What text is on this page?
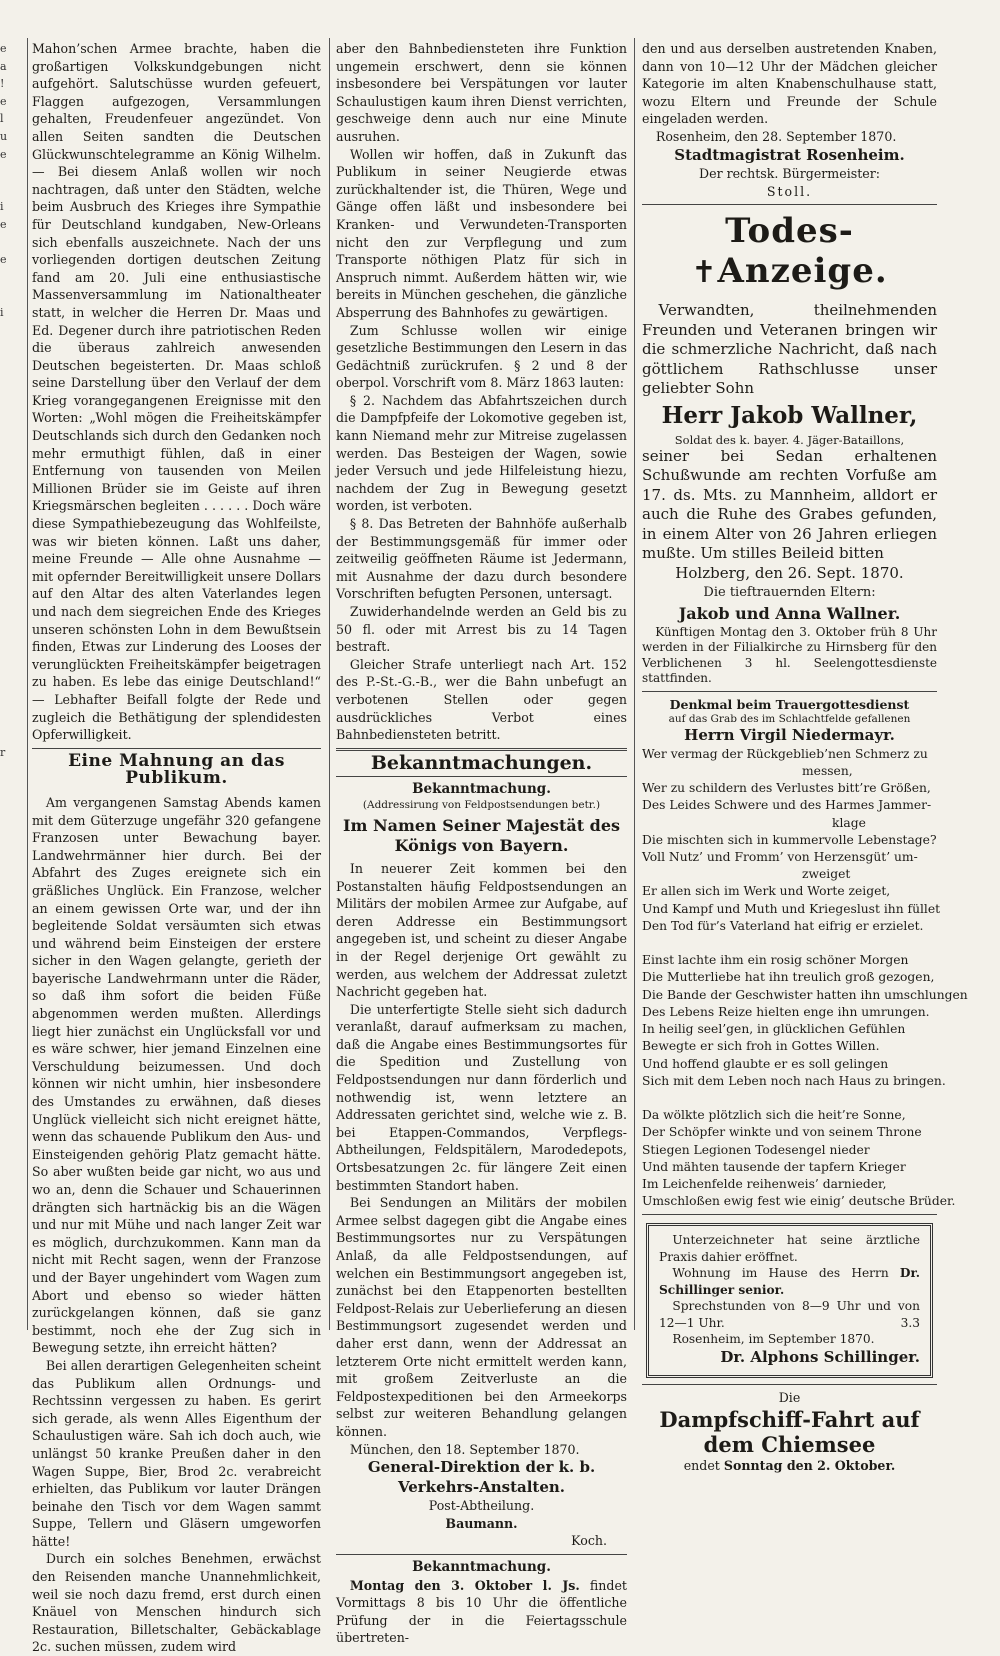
e
a
!
e
l
u
e
i
e
e
i
r

Mahon’schen Armee brachte, haben die großartigen Volkskundgebungen nicht aufgehört. Salutschüsse wurden gefeuert, Flaggen aufgezogen, Versammlungen gehalten, Freudenfeuer angezündet. Von allen Seiten sandten die Deutschen Glückwunschtelegramme an König Wilhelm. — Bei diesem Anlaß wollen wir noch nachtragen, daß unter den Städten, welche beim Ausbruch des Krieges ihre Sympathie für Deutschland kundgaben, New-Orleans sich ebenfalls auszeichnete. Nach der uns vorliegenden dortigen deutschen Zeitung fand am 20. Juli eine enthusiastische Massenversammlung im Nationaltheater statt, in welcher die Herren Dr. Maas und Ed. Degener durch ihre patriotischen Reden die überaus zahlreich anwesenden Deutschen begeisterten. Dr. Maas schloß seine Darstellung über den Verlauf der dem Krieg vorangegangenen Ereignisse mit den Worten: „Wohl mögen die Freiheitskämpfer Deutschlands sich durch den Gedanken noch mehr ermuthigt fühlen, daß in einer Entfernung von tausenden von Meilen Millionen Brüder sie im Geiste auf ihren Kriegsmärschen begleiten . . . . . . Doch wäre diese Sympathiebezeugung das Wohlfeilste, was wir bieten können. Laßt uns daher, meine Freunde — Alle ohne Ausnahme — mit opfernder Bereitwilligkeit unsere Dollars auf den Altar des alten Vaterlandes legen und nach dem siegreichen Ende des Krieges unseren schönsten Lohn in dem Bewußtsein finden, Etwas zur Linderung des Looses der verunglückten Freiheitskämpfer beigetragen zu haben. Es lebe das einige Deutschland!“ — Lebhafter Beifall folgte der Rede und zugleich die Bethätigung der splendidesten Opferwilligkeit.

Eine Mahnung an das Publikum.

Am vergangenen Samstag Abends kamen mit dem Güterzuge ungefähr 320 gefangene Franzosen unter Bewachung bayer. Landwehrmänner hier durch. Bei der Abfahrt des Zuges ereignete sich ein gräßliches Unglück. Ein Franzose, welcher an einem gewissen Orte war, und der ihn begleitende Soldat versäumten sich etwas und während beim Einsteigen der erstere sicher in den Wagen gelangte, gerieth der bayerische Landwehrmann unter die Räder, so daß ihm sofort die beiden Füße abgenommen werden mußten. Allerdings liegt hier zunächst ein Unglücksfall vor und es wäre schwer, hier jemand Einzelnen eine Verschuldung beizumessen. Und doch können wir nicht umhin, hier insbesondere des Umstandes zu erwähnen, daß dieses Unglück vielleicht sich nicht ereignet hätte, wenn das schauende Publikum den Aus- und Einsteigenden gehörig Platz gemacht hätte. So aber wußten beide gar nicht, wo aus und wo an, denn die Schauer und Schauerinnen drängten sich hartnäckig bis an die Wägen und nur mit Mühe und nach langer Zeit war es möglich, durchzukommen. Kann man da nicht mit Recht sagen, wenn der Franzose und der Bayer ungehindert vom Wagen zum Abort und ebenso so wieder hätten zurückgelangen können, daß sie ganz bestimmt, noch ehe der Zug sich in Bewegung setzte, ihn erreicht hätten?

Bei allen derartigen Gelegenheiten scheint das Publikum allen Ordnungs- und Rechtssinn vergessen zu haben. Es gerirt sich gerade, als wenn Alles Eigenthum der Schaulustigen wäre. Sah ich doch auch, wie unlängst 50 kranke Preußen daher in den Wagen Suppe, Bier, Brod 2c. verabreicht erhielten, das Publikum vor lauter Drängen beinahe den Tisch vor dem Wagen sammt Suppe, Tellern und Gläsern umgeworfen hätte!

Durch ein solches Benehmen, erwächst den Reisenden manche Unannehmlichkeit, weil sie noch dazu fremd, erst durch einen Knäuel von Menschen hindurch sich Restauration, Billetschalter, Gebäckablage 2c. suchen müssen, zudem wird

aber den Bahnbediensteten ihre Funktion ungemein erschwert, denn sie können insbesondere bei Verspätungen vor lauter Schaulustigen kaum ihren Dienst verrichten, geschweige denn auch nur eine Minute ausruhen.

Wollen wir hoffen, daß in Zukunft das Publikum in seiner Neugierde etwas zurückhaltender ist, die Thüren, Wege und Gänge offen läßt und insbesondere bei Kranken- und Verwundeten-Transporten nicht den zur Verpflegung und zum Transporte nöthigen Platz für sich in Anspruch nimmt. Außerdem hätten wir, wie bereits in München geschehen, die gänzliche Absperrung des Bahnhofes zu gewärtigen.

Zum Schlusse wollen wir einige gesetzliche Bestimmungen den Lesern in das Gedächtniß zurückrufen. § 2 und 8 der oberpol. Vorschrift vom 8. März 1863 lauten:

§ 2. Nachdem das Abfahrtszeichen durch die Dampfpfeife der Lokomotive gegeben ist, kann Niemand mehr zur Mitreise zugelassen werden. Das Besteigen der Wagen, sowie jeder Versuch und jede Hilfeleistung hiezu, nachdem der Zug in Bewegung gesetzt worden, ist verboten.

§ 8. Das Betreten der Bahnhöfe außerhalb der Bestimmungsgemäß für immer oder zeitweilig geöffneten Räume ist Jedermann, mit Ausnahme der dazu durch besondere Vorschriften befugten Personen, untersagt.

Zuwiderhandelnde werden an Geld bis zu 50 fl. oder mit Arrest bis zu 14 Tagen bestraft.

Gleicher Strafe unterliegt nach Art. 152 des P.-St.-G.-B., wer die Bahn unbefugt an verbotenen Stellen oder gegen ausdrückliches Verbot eines Bahnbediensteten betritt.

Bekanntmachungen.
Bekanntmachung.
(Addressirung von Feldpostsendungen betr.)
Im Namen Seiner Majestät des Königs von Bayern.

In neuerer Zeit kommen bei den Postanstalten häufig Feldpostsendungen an Militärs der mobilen Armee zur Aufgabe, auf deren Addresse ein Bestimmungsort angegeben ist, und scheint zu dieser Angabe in der Regel derjenige Ort gewählt zu werden, aus welchem der Addressat zuletzt Nachricht gegeben hat.

Die unterfertigte Stelle sieht sich dadurch veranlaßt, darauf aufmerksam zu machen, daß die Angabe eines Bestimmungsortes für die Spedition und Zustellung von Feldpostsendungen nur dann förderlich und nothwendig ist, wenn letztere an Addressaten gerichtet sind, welche wie z. B. bei Etappen-Commandos, Verpflegs-Abtheilungen, Feldspitälern, Marodedepots, Ortsbesatzungen 2c. für längere Zeit einen bestimmten Standort haben.

Bei Sendungen an Militärs der mobilen Armee selbst dagegen gibt die Angabe eines Bestimmungsortes nur zu Verspätungen Anlaß, da alle Feldpostsendungen, auf welchen ein Bestimmungsort angegeben ist, zunächst bei den Etappenorten bestellten Feldpost-Relais zur Ueberlieferung an diesen Bestimmungsort zugesendet werden und daher erst dann, wenn der Addressat an letzterem Orte nicht ermittelt werden kann, mit großem Zeitverluste an die Feldpostexpeditionen bei den Armeekorps selbst zur weiteren Behandlung gelangen können.

München, den 18. September 1870.

General-Direktion der k. b. Verkehrs-Anstalten.
Post-Abtheilung.
Baumann.
Koch.
Bekanntmachung.

Montag den 3. Oktober l. Js. findet Vormittags 8 bis 10 Uhr die öffentliche Prüfung der in die Feiertagsschule übertreten-

den und aus derselben austretenden Knaben, dann von 10—12 Uhr der Mädchen gleicher Kategorie im alten Knabenschulhause statt, wozu Eltern und Freunde der Schule eingeladen werden.

Rosenheim, den 28. September 1870.

Stadtmagistrat Rosenheim.
Der rechtsk. Bürgermeister:
Stoll.
Todes-✝Anzeige.

Verwandten, theilnehmenden Freunden und Veteranen bringen wir die schmerzliche Nachricht, daß nach göttlichem Rathschlusse unser geliebter Sohn

Herr Jakob Wallner,
Soldat des k. bayer. 4. Jäger-Bataillons,

seiner bei Sedan erhaltenen Schußwunde am rechten Vorfuße am 17. ds. Mts. zu Mannheim, alldort er auch die Ruhe des Grabes gefunden, in einem Alter von 26 Jahren erliegen mußte. Um stilles Beileid bitten

Holzberg, den 26. Sept. 1870.
Die tieftrauernden Eltern:
Jakob und Anna Wallner.

Künftigen Montag den 3. Oktober früh 8 Uhr werden in der Filialkirche zu Hirnsberg für den Verblichenen 3 hl. Seelengottesdienste stattfinden.

Denkmal beim Trauergottesdienst
auf das Grab des im Schlachtfelde gefallenen
Herrn Virgil Niedermayr.
Wer vermag der Rückgeblieb’nen Schmerz zu
messen,
Wer zu schildern des Verlustes bitt’re Größen,
Des Leides Schwere und des Harmes Jammer-
klage
Die mischten sich in kummervolle Lebenstage?
Voll Nutz’ und Fromm’ von Herzensgüt’ um-
zweiget
Er allen sich im Werk und Worte zeiget,
Und Kampf und Muth und Kriegeslust ihn füllet
Den Tod für’s Vaterland hat eifrig er erzielet.

Einst lachte ihm ein rosig schöner Morgen
Die Mutterliebe hat ihn treulich groß gezogen,
Die Bande der Geschwister hatten ihn umschlungen
Des Lebens Reize hielten enge ihn umrungen.
In heilig seel’gen, in glücklichen Gefühlen
Bewegte er sich froh in Gottes Willen.
Und hoffend glaubte er es soll gelingen
Sich mit dem Leben noch nach Haus zu bringen.

Da wölkte plötzlich sich die heit’re Sonne,
Der Schöpfer winkte und von seinem Throne
Stiegen Legionen Todesengel nieder
Und mähten tausende der tapfern Krieger
Im Leichenfelde reihenweis’ darnieder,
Umschloßen ewig fest wie einig’ deutsche Brüder.

Unterzeichneter hat seine ärztliche Praxis dahier eröffnet.

Wohnung im Hause des Herrn Dr. Schillinger senior.

Sprechstunden von 8—9 Uhr und von 12—1 Uhr.	3.3

Rosenheim, im September 1870.

Dr. Alphons Schillinger.
Die
Dampfschiff-Fahrt auf dem Chiemsee
endet Sonntag den 2. Oktober.
